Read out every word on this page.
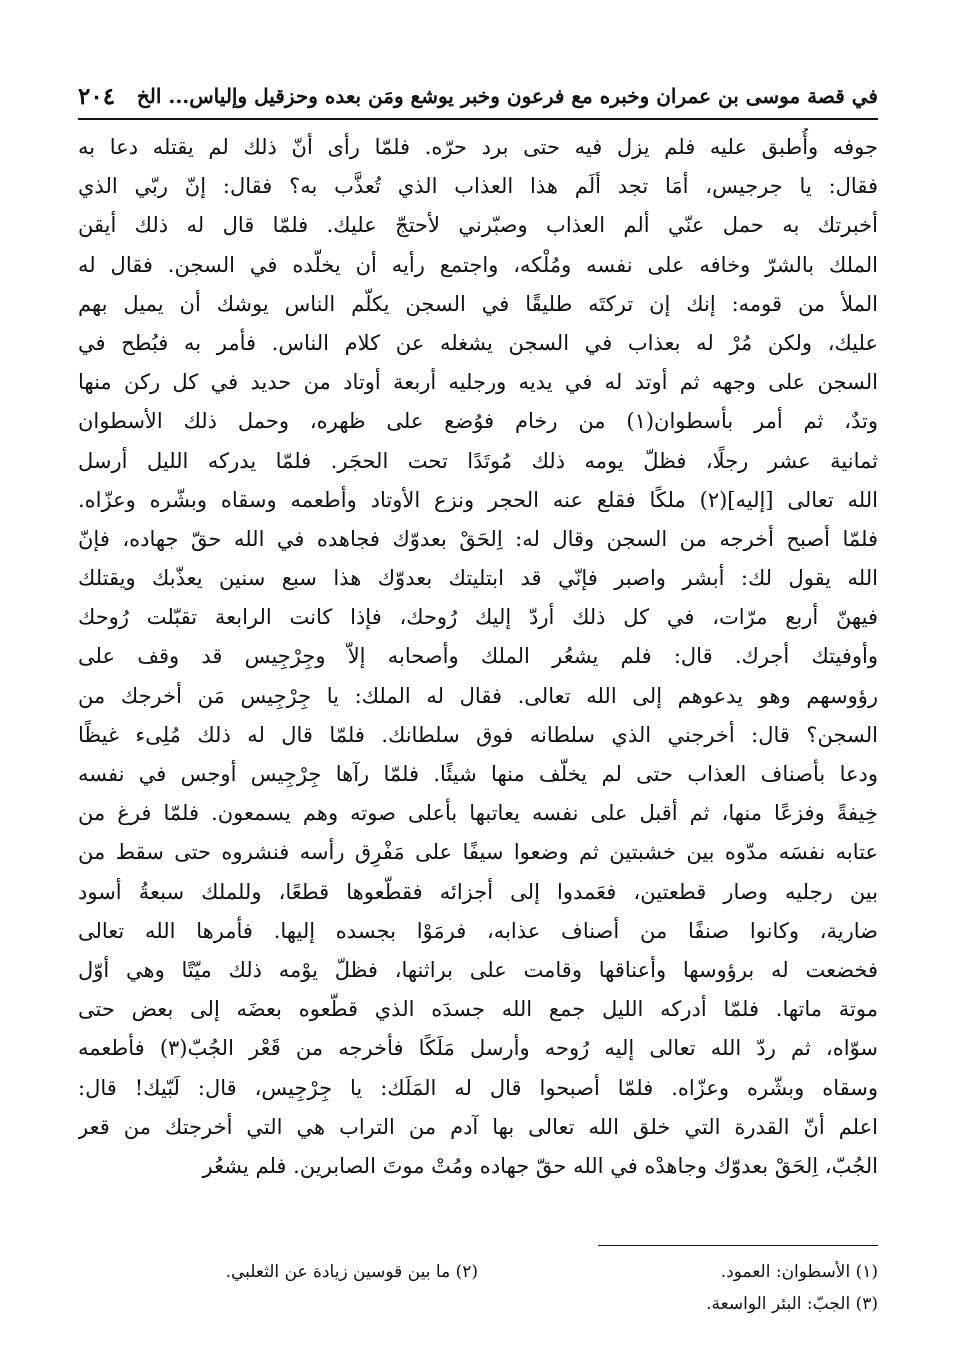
٢٠٤ في قصة موسى بن عمران وخبره مع فرعون وخبر يوشع ومَن بعده وحزقيل وإلياس... الخ
جوفه وأُطبق عليه فلم يزل فيه حتى برد حرّه. فلمّا رأى أنّ ذلك لم يقتله دعا به
فقال: يا جرجيس، أمَا تجد ألَم هذا العذاب الذي تُعذَّب به؟ فقال: إنّ ربّي الذي
أخبرتك به حمل عنّي ألم العذاب وصبّرني لأحتجّ عليك. فلمّا قال له ذلك أيقن
الملك بالشرّ وخافه على نفسه ومُلْكه، واجتمع رأيه أن يخلّده في السجن. فقال له
الملأ من قومه: إنك إن تركتَه طليقًا في السجن يكلّم الناس يوشك أن يميل بهم
عليك، ولكن مُرْ له بعذاب في السجن يشغله عن كلام الناس. فأمر به فبُطح في
السجن على وجهه ثم أوتد له في يديه ورجليه أربعة أوتاد من حديد في كل ركن منها
وتدٌ، ثم أمر بأسطوان(١) من رخام فوُضع على ظهره، وحمل ذلك الأسطوان
ثمانية عشر رجلًا، فظلّ يومه ذلك مُوتَدًا تحت الحجَر. فلمّا يدركه الليل أرسل
الله تعالى [إليه](٢) ملكًا فقلع عنه الحجر ونزع الأوتاد وأطعمه وسقاه وبشّره وعزّاه.
فلمّا أصبح أخرجه من السجن وقال له: اِلحَقْ بعدوّك فجاهده في الله حقّ جهاده، فإنّ
الله يقول لك: أبشر واصبر فإنّي قد ابتليتك بعدوّك هذا سبع سنين يعذّبك ويقتلك
فيهنّ أربع مرّات، في كل ذلك أردّ إليك رُوحك، فإذا كانت الرابعة تقبّلت رُوحك
وأوفيتك أجرك. قال: فلم يشعُر الملك وأصحابه إلاّ وجِرْجِيس قد وقف على
رؤوسهم وهو يدعوهم إلى الله تعالى. فقال له الملك: يا جِرْجِيس مَن أخرجك من
السجن؟ قال: أخرجني الذي سلطانه فوق سلطانك. فلمّا قال له ذلك مُلِىء غيظًا
ودعا بأصناف العذاب حتى لم يخلّف منها شيئًا. فلمّا رآها جِرْجِيس أوجس في نفسه
خِيفةً وفزعًا منها، ثم أقبل على نفسه يعاتبها بأعلى صوته وهم يسمعون. فلمّا فرغ من
عتابه نفسَه مدّوه بين خشبتين ثم وضعوا سيفًا على مَفْرِق رأسه فنشروه حتى سقط من
بين رجليه وصار قطعتين، فعَمدوا إلى أجزائه فقطّعوها قطعًا، وللملك سبعةُ أسود
ضارية، وكانوا صنفًا من أصناف عذابه، فرمَوْا بجسده إليها. فأمرها الله تعالى
فخضعت له برؤوسها وأعناقها وقامت على براثنها، فظلّ يوْمه ذلك ميّتًا وهي أوّل
موتة ماتها. فلمّا أدركه الليل جمع الله جسدَه الذي قطّعوه بعضَه إلى بعض حتى
سوّاه، ثم ردّ الله تعالى إليه رُوحه وأرسل مَلَكًا فأخرجه من قَعْر الجُبّ(٣) فأطعمه
وسقاه وبشّره وعزّاه. فلمّا أصبحوا قال له المَلَك: يا جِرْجِيس، قال: لَبّيك! قال:
اعلم أنّ القدرة التي خلق الله تعالى بها آدم من التراب هي التي أخرجتك من قعر
الجُبّ، اِلحَقْ بعدوّك وجاهدْه في الله حقّ جهاده ومُتْ موتَ الصابرين. فلم يشعُر
(١) الأسطوان: العمود.
(٢) ما بين قوسين زيادة عن الثعلبي.
(٣) الجبّ: البئر الواسعة.
